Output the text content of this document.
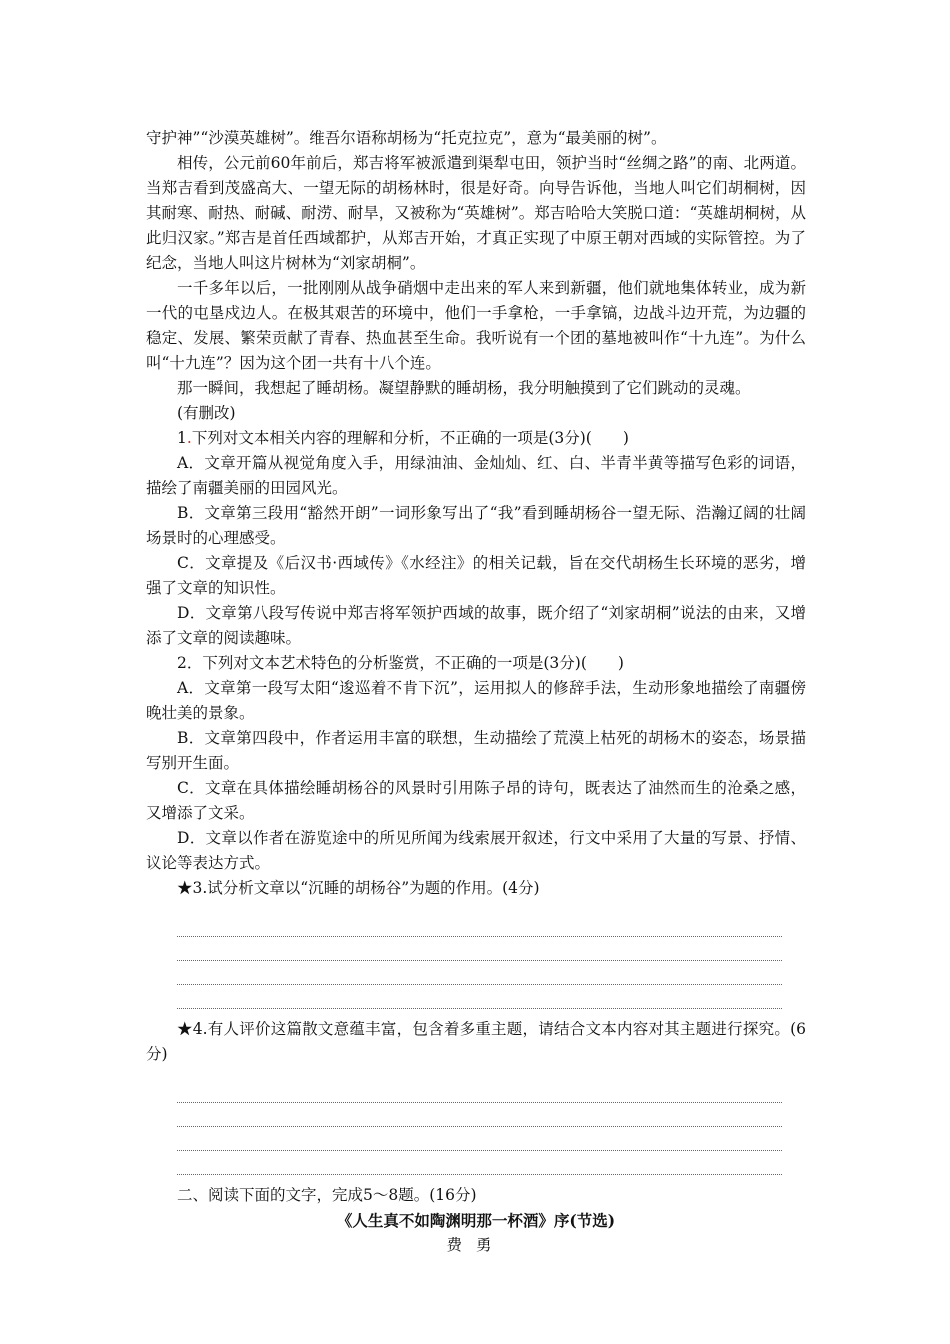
守护神”“沙漠英雄树”。维吾尔语称胡杨为“托克拉克”，意为“最美丽的树”。

相传，公元前60年前后，郑吉将军被派遣到渠犁屯田，领护当时“丝绸之路”的南、北两道。当郑吉看到茂盛高大、一望无际的胡杨林时，很是好奇。向导告诉他，当地人叫它们胡桐树，因其耐寒、耐热、耐碱、耐涝、耐旱，又被称为“英雄树”。郑吉哈哈大笑脱口道：“英雄胡桐树，从此归汉家。”郑吉是首任西域都护，从郑吉开始，才真正实现了中原王朝对西域的实际管控。为了纪念，当地人叫这片树林为“刘家胡桐”。

一千多年以后，一批刚刚从战争硝烟中走出来的军人来到新疆，他们就地集体转业，成为新一代的屯垦戍边人。在极其艰苦的环境中，他们一手拿枪，一手拿镐，边战斗边开荒，为边疆的稳定、发展、繁荣贡献了青春、热血甚至生命。我听说有一个团的墓地被叫作“十九连”。为什么叫“十九连”？因为这个团一共有十八个连。

那一瞬间，我想起了睡胡杨。凝望静默的睡胡杨，我分明触摸到了它们跳动的灵魂。

(有删改)

1.下列对文本相关内容的理解和分析，不正确的一项是(3分)(　　)

A．文章开篇从视觉角度入手，用绿油油、金灿灿、红、白、半青半黄等描写色彩的词语，描绘了南疆美丽的田园风光。

B．文章第三段用“豁然开朗”一词形象写出了“我”看到睡胡杨谷一望无际、浩瀚辽阔的壮阔场景时的心理感受。

C．文章提及《后汉书·西域传》《水经注》的相关记载，旨在交代胡杨生长环境的恶劣，增强了文章的知识性。

D．文章第八段写传说中郑吉将军领护西域的故事，既介绍了“刘家胡桐”说法的由来，又增添了文章的阅读趣味。

2．下列对文本艺术特色的分析鉴赏，不正确的一项是(3分)(　　)

A．文章第一段写太阳“逡巡着不肯下沉”，运用拟人的修辞手法，生动形象地描绘了南疆傍晚壮美的景象。

B．文章第四段中，作者运用丰富的联想，生动描绘了荒漠上枯死的胡杨木的姿态，场景描写别开生面。

C．文章在具体描绘睡胡杨谷的风景时引用陈子昂的诗句，既表达了油然而生的沧桑之感，又增添了文采。

D．文章以作者在游览途中的所见所闻为线索展开叙述，行文中采用了大量的写景、抒情、议论等表达方式。

★3.试分析文章以“沉睡的胡杨谷”为题的作用。(4分)

★4.有人评价这篇散文意蕴丰富，包含着多重主题，请结合文本内容对其主题进行探究。(6分)

二、阅读下面的文字，完成5～8题。(16分)

《人生真不如陶渊明那一杯酒》序(节选)

费勇
